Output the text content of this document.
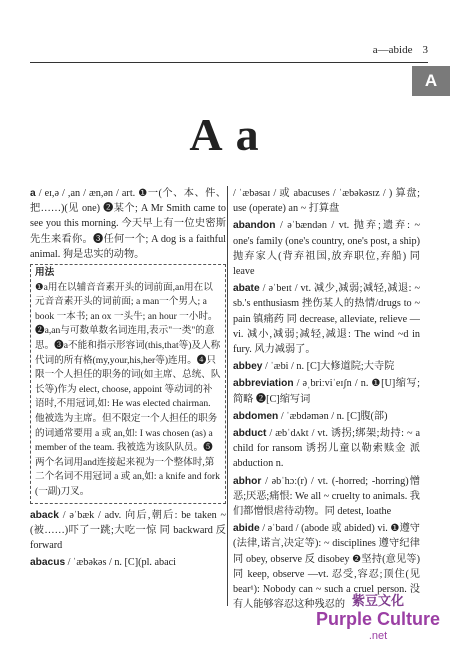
a—abide 3
A
A a
a / eɪ,ə / ,an / æn,ən / art. ❶一(个、本、件、把……)(见 one) ❷某个; A Mr Smith came to see you this morning. 今天早上有一位史密斯先生来看你。❸任何一个; A dog is a faithful animal. 狗是忠实的动物。
用法
❶a用在以辅音音素开头的词前面,an用在以元音音素开头的词前面; a man一个男人; a book 一本书; an ox 一头牛; an hour 一小时。❷a,an与可数单数名词连用,表示"一类"的意思。❸a不能和指示形容词(this,that等)及人称代词的所有格(my,your,his,her等)连用。❹只限一个人担任的职务的词(如主席、总统、队长等)作为 elect, choose, appoint 等动词的补语时,不用冠词,如: He was elected chairman. 他被选为主席。但不限定一个人担任的职务的词通常要用 a 或 an,如: I was chosen (as) a member of the team. 我被选为该队队员。❺两个名词用and连接起来视为一个整体时,第二个名词不用冠词 a 或 an,如: a knife and fork (一副)刀叉。
aback / əˈbæk / adv. 向后,朝后: be taken ~(被……)吓了一跳;大吃一惊 同 backward 反 forward
abacus / ˈæbəkəs / n. [C](pl. abaci
/ ˈæbəsaɪ / 或 abacuses / ˈæbəkəsɪz / ) 算盘; use (operate) an ~ 打算盘
abandon / əˈbændən / vt. 抛弃;遗弃: ~ one's family (one's country, one's post, a ship) 抛弃家人(背弃祖国,放弃职位,弃船) 同 leave
abate / əˈbeɪt / vt. 减少,减弱;减轻,减退: ~ sb.'s enthusiasm 挫伤某人的热情/drugs to ~ pain 镇痛药 同 decrease, alleviate, relieve —vi. 减小,减弱;减轻,减退: The wind ~d in fury. 风力减弱了。
abbey / ˈæbi / n. [C]大修道院;大寺院
abbreviation / əˌbriːviˈeɪʃn / n. ❶[U]缩写;简略 ❷[C]缩写词
abdomen / ˈæbdəmən / n. [C]腹(部)
abduct / æbˈdʌkt / vt. 诱拐;绑架;劫持: ~ a child for ransom 诱拐儿童以勒索赎金 派 abduction n.
abhor / əbˈhɔː(r) / vt. (-horred; -horring)憎恶;厌恶;痛恨: We all ~ cruelty to animals. 我们都憎恨虐待动物。同 detest, loathe
abide / əˈbaɪd / (abode 或 abided) vi. ❶遵守(法律,诺言,决定等): ~ disciplines 遵守纪律 同 obey, observe 反 disobey ❷坚持(意见等) 同 keep, observe —vt. 忍受,容忍;顶住(见 bear¹): Nobody can ~ such a cruel person. 没有人能够容忍这种残忍的 紫豆文化
Purple Culture
.net
